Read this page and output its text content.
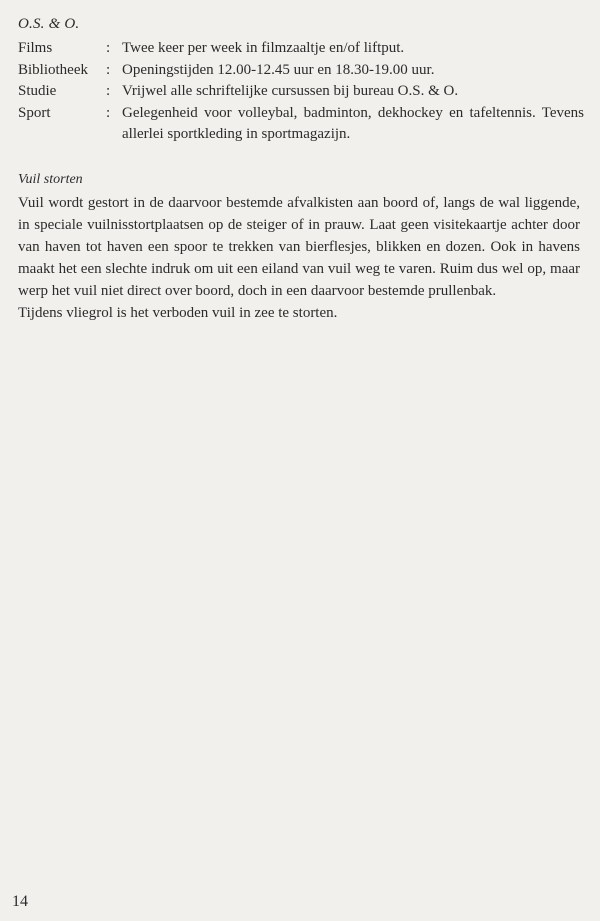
O.S. & O.
Films	: Twee keer per week in filmzaaltje en/of liftput.
Bibliotheek	: Openingstijden 12.00-12.45 uur en 18.30-19.00 uur.
Studie	: Vrijwel alle schriftelijke cursussen bij bureau O.S. & O.
Sport	: Gelegenheid voor volleybal, badminton, dekhockey en tafeltennis. Tevens allerlei sportkleding in sportmagazijn.
Vuil storten

Vuil wordt gestort in de daarvoor bestemde afvalkisten aan boord of, langs de wal liggende, in speciale vuilnisstortplaatsen op de steiger of in prauw. Laat geen visitekaartje achter door van haven tot haven een spoor te trekken van bierflesjes, blikken en dozen. Ook in havens maakt het een slechte indruk om uit een eiland van vuil weg te varen. Ruim dus wel op, maar werp het vuil niet direct over boord, doch in een daarvoor bestemde prullenbak.

Tijdens vliegrol is het verboden vuil in zee te storten.

14
